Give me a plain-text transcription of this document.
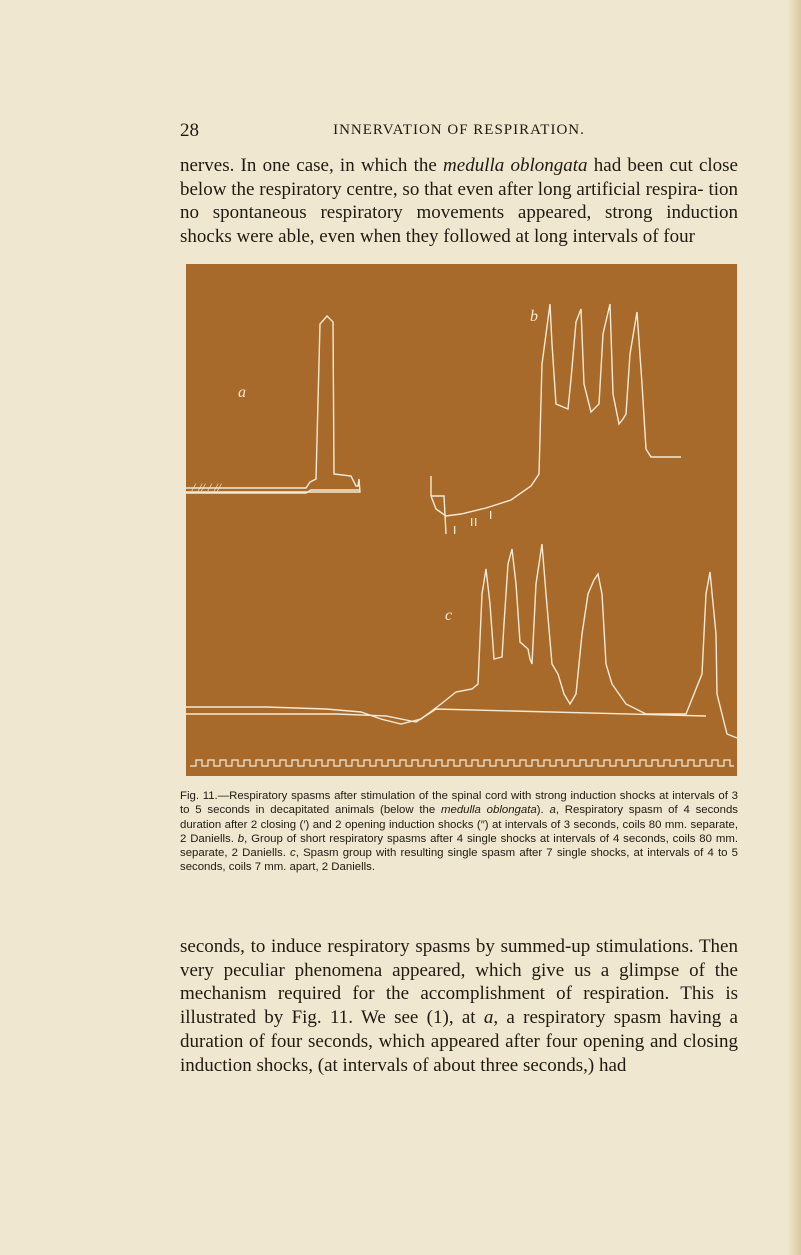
28	INNERVATION OF RESPIRATION.

nerves. In one case, in which the medulla oblongata had been cut close below the respiratory centre, so that even after long artificial respira- tion no spontaneous respiratory movements appeared, strong induction shocks were able, even when they followed at long intervals of four

a
b
c
/ // / //

Fig. 11.—Respiratory spasms after stimulation of the spinal cord with strong induction shocks at intervals of 3 to 5 seconds in decapitated animals (below the medulla oblongata). a, Respiratory spasm of 4 seconds duration after 2 closing (′) and 2 opening induction shocks (″) at intervals of 3 seconds, coils 80 mm. separate, 2 Daniells. b, Group of short respiratory spasms after 4 single shocks at intervals of 4 seconds, coils 80 mm. separate, 2 Daniells. c, Spasm group with resulting single spasm after 7 single shocks, at intervals of 4 to 5 seconds, coils 7 mm. apart, 2 Daniells.

seconds, to induce respiratory spasms by summed-up stimulations. Then very peculiar phenomena appeared, which give us a glimpse of the mechanism required for the accomplishment of respiration. This is illustrated by Fig. 11. We see (1), at a, a respiratory spasm having a duration of four seconds, which appeared after four opening and closing induction shocks, (at intervals of about three seconds,) had
